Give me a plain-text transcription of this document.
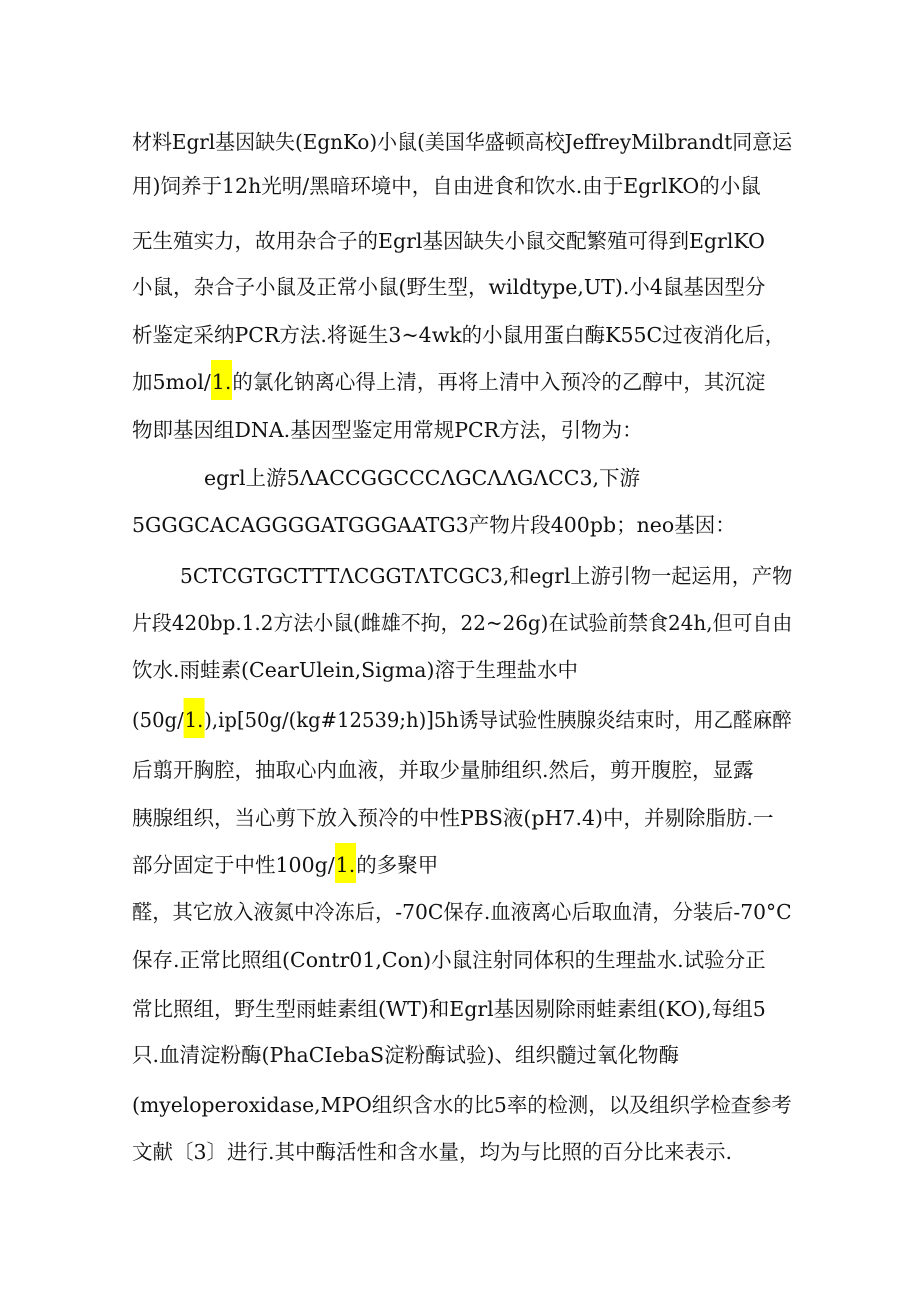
材料Egrl基因缺失(EgnKo)小鼠(美国华盛顿高校JeffreyMilbrandt同意运
用)饲养于12h光明/黑暗环境中，自由进食和饮水.由于EgrlKO的小鼠
无生殖实力，故用杂合子的Egrl基因缺失小鼠交配繁殖可得到EgrlKO
小鼠，杂合子小鼠及正常小鼠(野生型，wildtype,UT).小4鼠基因型分
析鉴定采纳PCR方法.将诞生3~4wk的小鼠用蛋白酶K55C过夜消化后，
加5mol/1.的氯化钠离心得上清，再将上清中入预冷的乙醇中，其沉淀
物即基因组DNA.基因型鉴定用常规PCR方法，引物为：
egrl上游5ΛACCGGCCCΛGCΛΛGΛCC3,下游
5GGGCACAGGGGATGGGAATG3产物片段400pb；neo基因：
5CTCGTGCTTTΛCGGTΛTCGC3,和egrl上游引物一起运用，产物
片段420bp.1.2方法小鼠(雌雄不拘，22~26g)在试验前禁食24h,但可自由
饮水.雨蛙素(CearUlein,Sigma)溶于生理盐水中
(50g/1.),ip[50g/(kg#12539;h)]5h诱导试验性胰腺炎结束时，用乙醛麻醉
后翦开胸腔，抽取心内血液，并取少量肺组织.然后，剪开腹腔，显露
胰腺组织，当心剪下放入预冷的中性PBS液(pH7.4)中，并剔除脂肪.一
部分固定于中性100g/1.的多聚甲
醛，其它放入液氮中冷冻后，-70C保存.血液离心后取血清，分装后-70°C
保存.正常比照组(Contr01,Con)小鼠注射同体积的生理盐水.试验分正
常比照组，野生型雨蛙素组(WT)和Egrl基因剔除雨蛙素组(KO),每组5
只.血清淀粉酶(PhaCIebaS淀粉酶试验)、组织髓过氧化物酶
(myeloperoxidase,MPO组织含水的比5率的检测，以及组织学检查参考
文献〔3〕进行.其中酶活性和含水量，均为与比照的百分比来表示.
